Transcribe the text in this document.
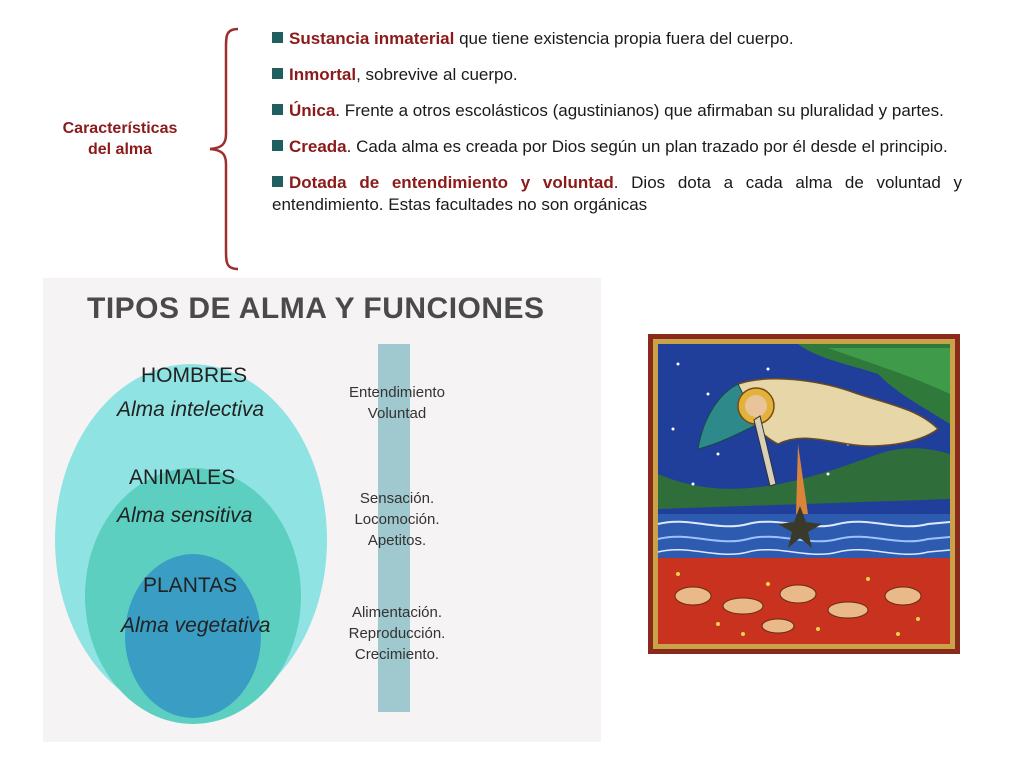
Características
del alma
Sustancia inmaterial que tiene existencia propia fuera del cuerpo.
Inmortal, sobrevive al cuerpo.
Única. Frente a otros escolásticos (agustinianos) que afirmaban su pluralidad y partes.
Creada. Cada alma es creada por Dios según un plan trazado por él desde el principio.
Dotada de entendimiento y voluntad. Dios dota a cada alma de voluntad y entendimiento. Estas facultades no son orgánicas
TIPOS DE ALMA Y FUNCIONES
HOMBRES
Alma intelectiva
ANIMALES
Alma sensitiva
PLANTAS
Alma vegetativa
Entendimiento
Voluntad
Sensación.
Locomoción.
Apetitos.
Alimentación.
Reproducción.
Crecimiento.
